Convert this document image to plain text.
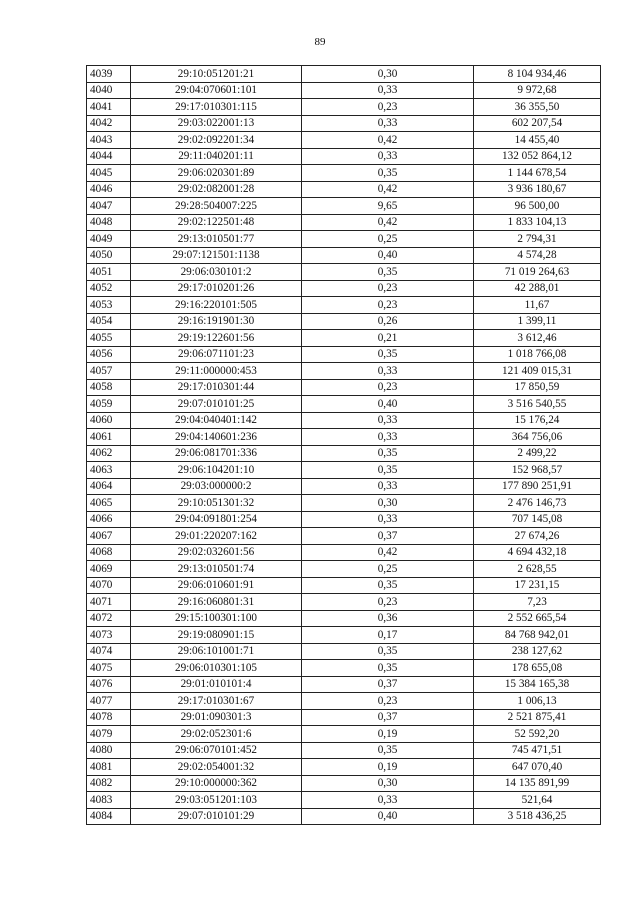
89
4039	29:10:051201:21	0,30	8 104 934,46
4040	29:04:070601:101	0,33	9 972,68
4041	29:17:010301:115	0,23	36 355,50
4042	29:03:022001:13	0,33	602 207,54
4043	29:02:092201:34	0,42	14 455,40
4044	29:11:040201:11	0,33	132 052 864,12
4045	29:06:020301:89	0,35	1 144 678,54
4046	29:02:082001:28	0,42	3 936 180,67
4047	29:28:504007:225	9,65	96 500,00
4048	29:02:122501:48	0,42	1 833 104,13
4049	29:13:010501:77	0,25	2 794,31
4050	29:07:121501:1138	0,40	4 574,28
4051	29:06:030101:2	0,35	71 019 264,63
4052	29:17:010201:26	0,23	42 288,01
4053	29:16:220101:505	0,23	11,67
4054	29:16:191901:30	0,26	1 399,11
4055	29:19:122601:56	0,21	3 612,46
4056	29:06:071101:23	0,35	1 018 766,08
4057	29:11:000000:453	0,33	121 409 015,31
4058	29:17:010301:44	0,23	17 850,59
4059	29:07:010101:25	0,40	3 516 540,55
4060	29:04:040401:142	0,33	15 176,24
4061	29:04:140601:236	0,33	364 756,06
4062	29:06:081701:336	0,35	2 499,22
4063	29:06:104201:10	0,35	152 968,57
4064	29:03:000000:2	0,33	177 890 251,91
4065	29:10:051301:32	0,30	2 476 146,73
4066	29:04:091801:254	0,33	707 145,08
4067	29:01:220207:162	0,37	27 674,26
4068	29:02:032601:56	0,42	4 694 432,18
4069	29:13:010501:74	0,25	2 628,55
4070	29:06:010601:91	0,35	17 231,15
4071	29:16:060801:31	0,23	7,23
4072	29:15:100301:100	0,36	2 552 665,54
4073	29:19:080901:15	0,17	84 768 942,01
4074	29:06:101001:71	0,35	238 127,62
4075	29:06:010301:105	0,35	178 655,08
4076	29:01:010101:4	0,37	15 384 165,38
4077	29:17:010301:67	0,23	1 006,13
4078	29:01:090301:3	0,37	2 521 875,41
4079	29:02:052301:6	0,19	52 592,20
4080	29:06:070101:452	0,35	745 471,51
4081	29:02:054001:32	0,19	647 070,40
4082	29:10:000000:362	0,30	14 135 891,99
4083	29:03:051201:103	0,33	521,64
4084	29:07:010101:29	0,40	3 518 436,25
